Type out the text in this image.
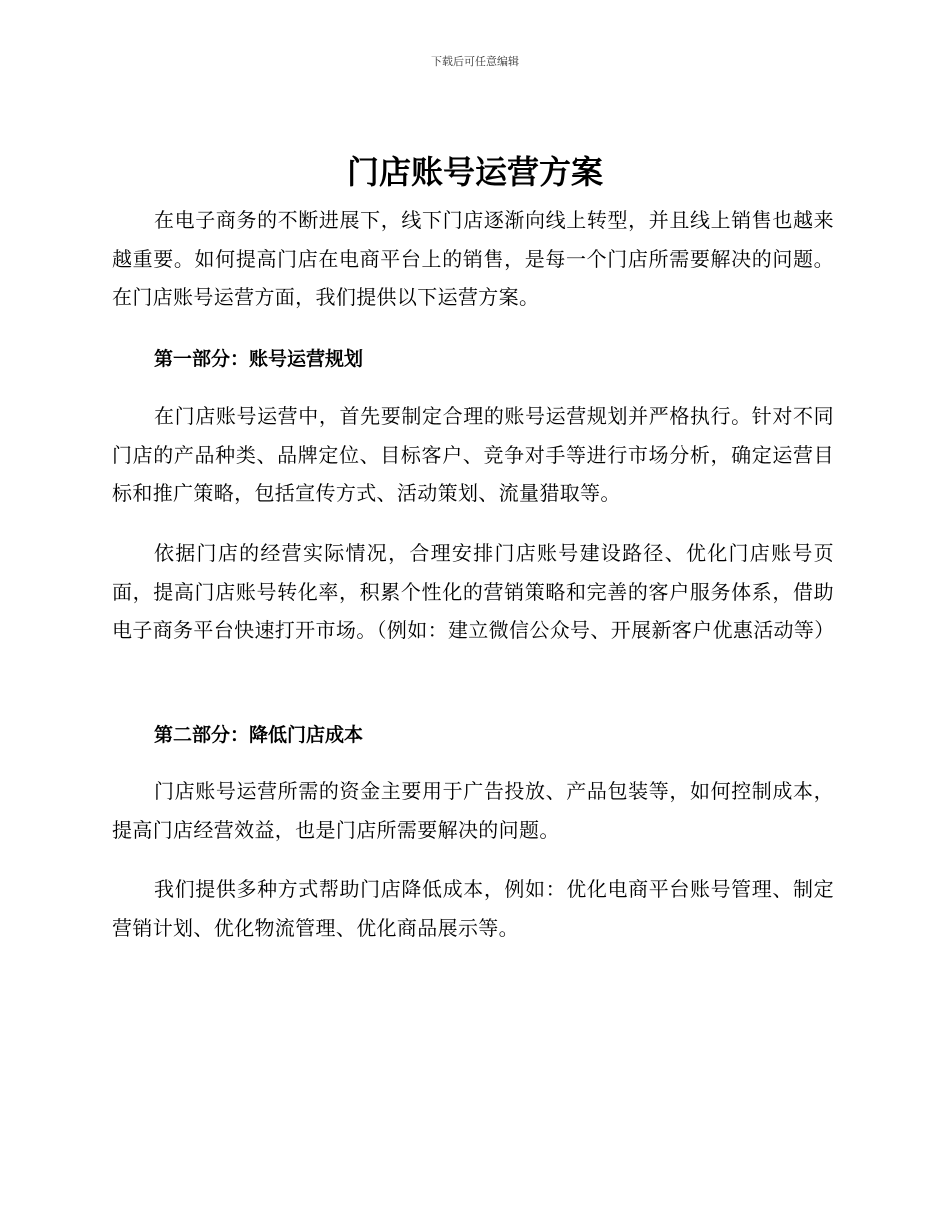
下载后可任意编辑
门店账号运营方案

在电子商务的不断进展下，线下门店逐渐向线上转型，并且线上销售也越来越重要。如何提高门店在电商平台上的销售，是每一个门店所需要解决的问题。在门店账号运营方面，我们提供以下运营方案。

第一部分：账号运营规划

在门店账号运营中，首先要制定合理的账号运营规划并严格执行。针对不同门店的产品种类、品牌定位、目标客户、竞争对手等进行市场分析，确定运营目标和推广策略，包括宣传方式、活动策划、流量猎取等。

依据门店的经营实际情况，合理安排门店账号建设路径、优化门店账号页面，提高门店账号转化率，积累个性化的营销策略和完善的客户服务体系，借助电子商务平台快速打开市场。（例如：建立微信公众号、开展新客户优惠活动等）

第二部分：降低门店成本

门店账号运营所需的资金主要用于广告投放、产品包装等，如何控制成本，提高门店经营效益，也是门店所需要解决的问题。

我们提供多种方式帮助门店降低成本，例如：优化电商平台账号管理、制定营销计划、优化物流管理、优化商品展示等。
